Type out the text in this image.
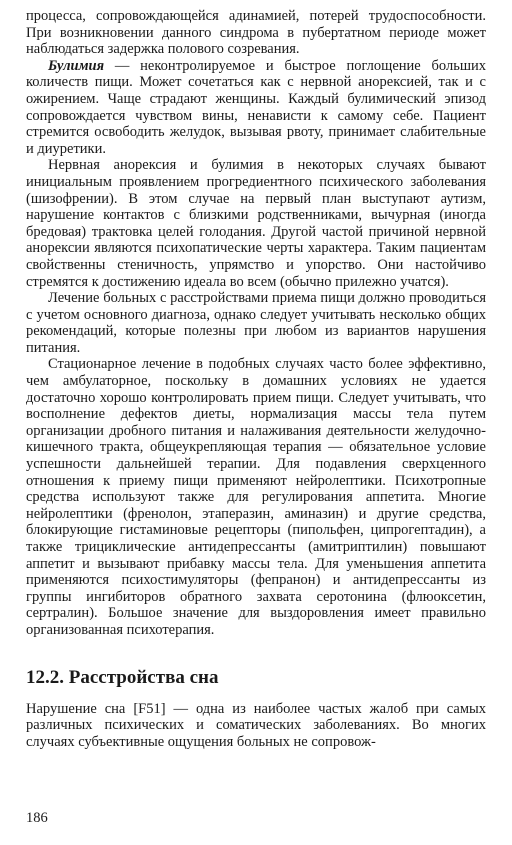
процесса, сопровождающейся адинамией, потерей трудоспособности. При возникновении данного синдрома в пубертатном периоде может наблюдаться задержка полового созревания.

Булимия — неконтролируемое и быстрое поглощение больших количеств пищи. Может сочетаться как с нервной анорексией, так и с ожирением. Чаще страдают женщины. Каждый булимический эпизод сопровождается чувством вины, ненависти к самому себе. Пациент стремится освободить желудок, вызывая рвоту, принимает слабительные и диуретики.

Нервная анорексия и булимия в некоторых случаях бывают инициальным проявлением прогредиентного психического заболевания (шизофрении). В этом случае на первый план выступают аутизм, нарушение контактов с близкими родственниками, вычурная (иногда бредовая) трактовка целей голодания. Другой частой причиной нервной анорексии являются психопатические черты характера. Таким пациентам свойственны стеничность, упрямство и упорство. Они настойчиво стремятся к достижению идеала во всем (обычно прилежно учатся).

Лечение больных с расстройствами приема пищи должно проводиться с учетом основного диагноза, однако следует учитывать несколько общих рекомендаций, которые полезны при любом из вариантов нарушения питания.

Стационарное лечение в подобных случаях часто более эффективно, чем амбулаторное, поскольку в домашних условиях не удается достаточно хорошо контролировать прием пищи. Следует учитывать, что восполнение дефектов диеты, нормализация массы тела путем организации дробного питания и налаживания деятельности желудочно-кишечного тракта, общеукрепляющая терапия — обязательное условие успешности дальнейшей терапии. Для подавления сверхценного отношения к приему пищи применяют нейролептики. Психотропные средства используют также для регулирования аппетита. Многие нейролептики (френолон, этаперазин, аминазин) и другие средства, блокирующие гистаминовые рецепторы (пипольфен, ципрогептадин), а также трициклические антидепрессанты (амитриптилин) повышают аппетит и вызывают прибавку массы тела. Для уменьшения аппетита применяются психостимуляторы (фепранон) и антидепрессанты из группы ингибиторов обратного захвата серотонина (флюоксетин, сертралин). Большое значение для выздоровления имеет правильно организованная психотерапия.

12.2. Расстройства сна

Нарушение сна [F51] — одна из наиболее частых жалоб при самых различных психических и соматических заболеваниях. Во многих случаях субъективные ощущения больных не сопровож-

186
